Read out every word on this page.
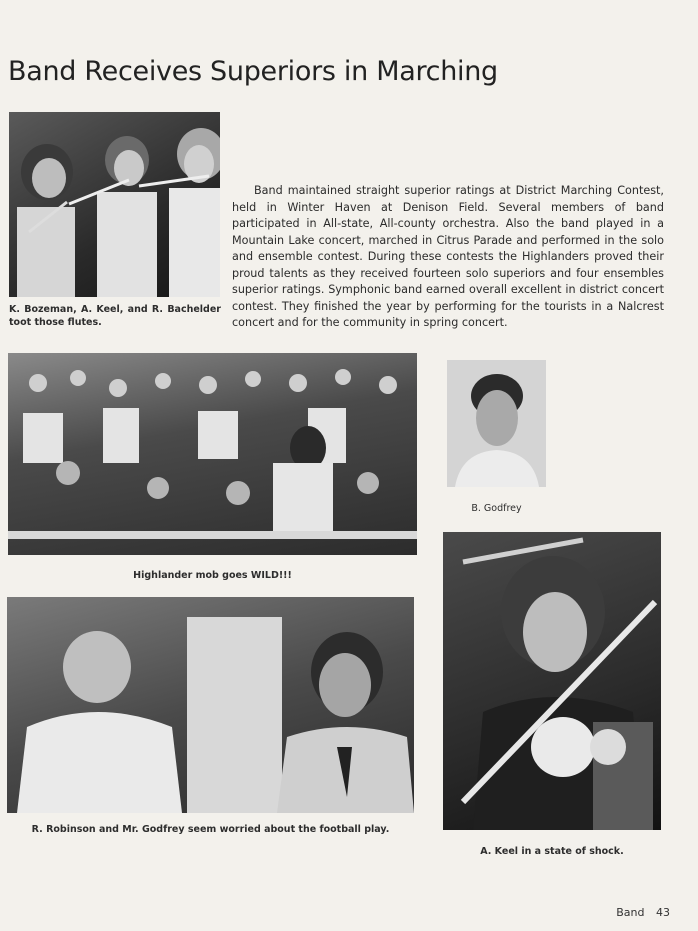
Band Receives Superiors in Marching
K. Bozeman, A. Keel, and R. Bachelder toot those flutes.
Band maintained straight superior ratings at District Marching Contest, held in Winter Haven at Denison Field. Several members of band participated in All-state, All-county orchestra. Also the band played in a Mountain Lake concert, marched in Citrus Parade and performed in the solo and ensemble contest. During these contests the Highlanders proved their proud talents as they received fourteen solo superiors and four ensembles superior ratings. Symphonic band earned overall excellent in district concert contest. They finished the year by performing for the tourists in a Nalcrest concert and for the community in spring concert.
Highlander mob goes WILD!!!
B. Godfrey
R. Robinson and Mr. Godfrey seem worried about the football play.
A. Keel in a state of shock.
Band 43
